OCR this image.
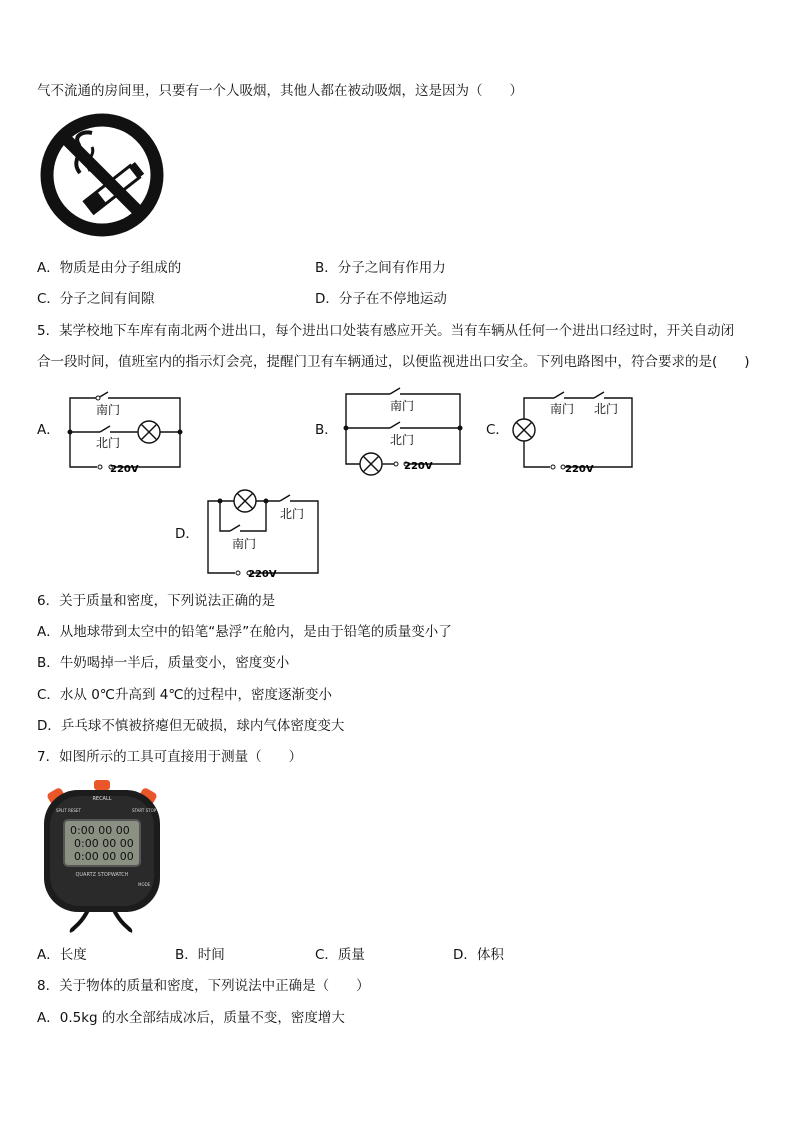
气不流通的房间里，只要有一个人吸烟，其他人都在被动吸烟，这是因为（　　）
A．物质是由分子组成的	B．分子之间有作用力
C．分子之间有间隙	D．分子在不停地运动
5．某学校地下车库有南北两个进出口，每个进出口处装有感应开关。当有车辆从任何一个进出口经过时，开关自动闭
合一段时间，值班室内的指示灯会亮，提醒门卫有车辆通过，以便监视进出口安全。下列电路图中，符合要求的是(　　)
A．
南门
北门
220V
B．
南门
北门
220V
C．
南门 北门
220V
D．
北门
南门
220V
6．关于质量和密度，下列说法正确的是
A．从地球带到太空中的铅笔“悬浮”在舱内，是由于铅笔的质量变小了
B．牛奶喝掉一半后，质量变小，密度变小
C．水从 0℃升高到 4℃的过程中，密度逐渐变小
D．乒乓球不慎被挤瘪但无破损，球内气体密度变大
7．如图所示的工具可直接用于测量（　　）
RECALL
SPLIT RESET	START STOP
0:00 00 00
0:00 00 00
0:00 00 00
QUARTZ STOPWATCH
MODE
A．长度	B．时间	C．质量	D．体积
8．关于物体的质量和密度，下列说法中正确是（　　）
A．0.5kg 的水全部结成冰后，质量不变，密度增大
